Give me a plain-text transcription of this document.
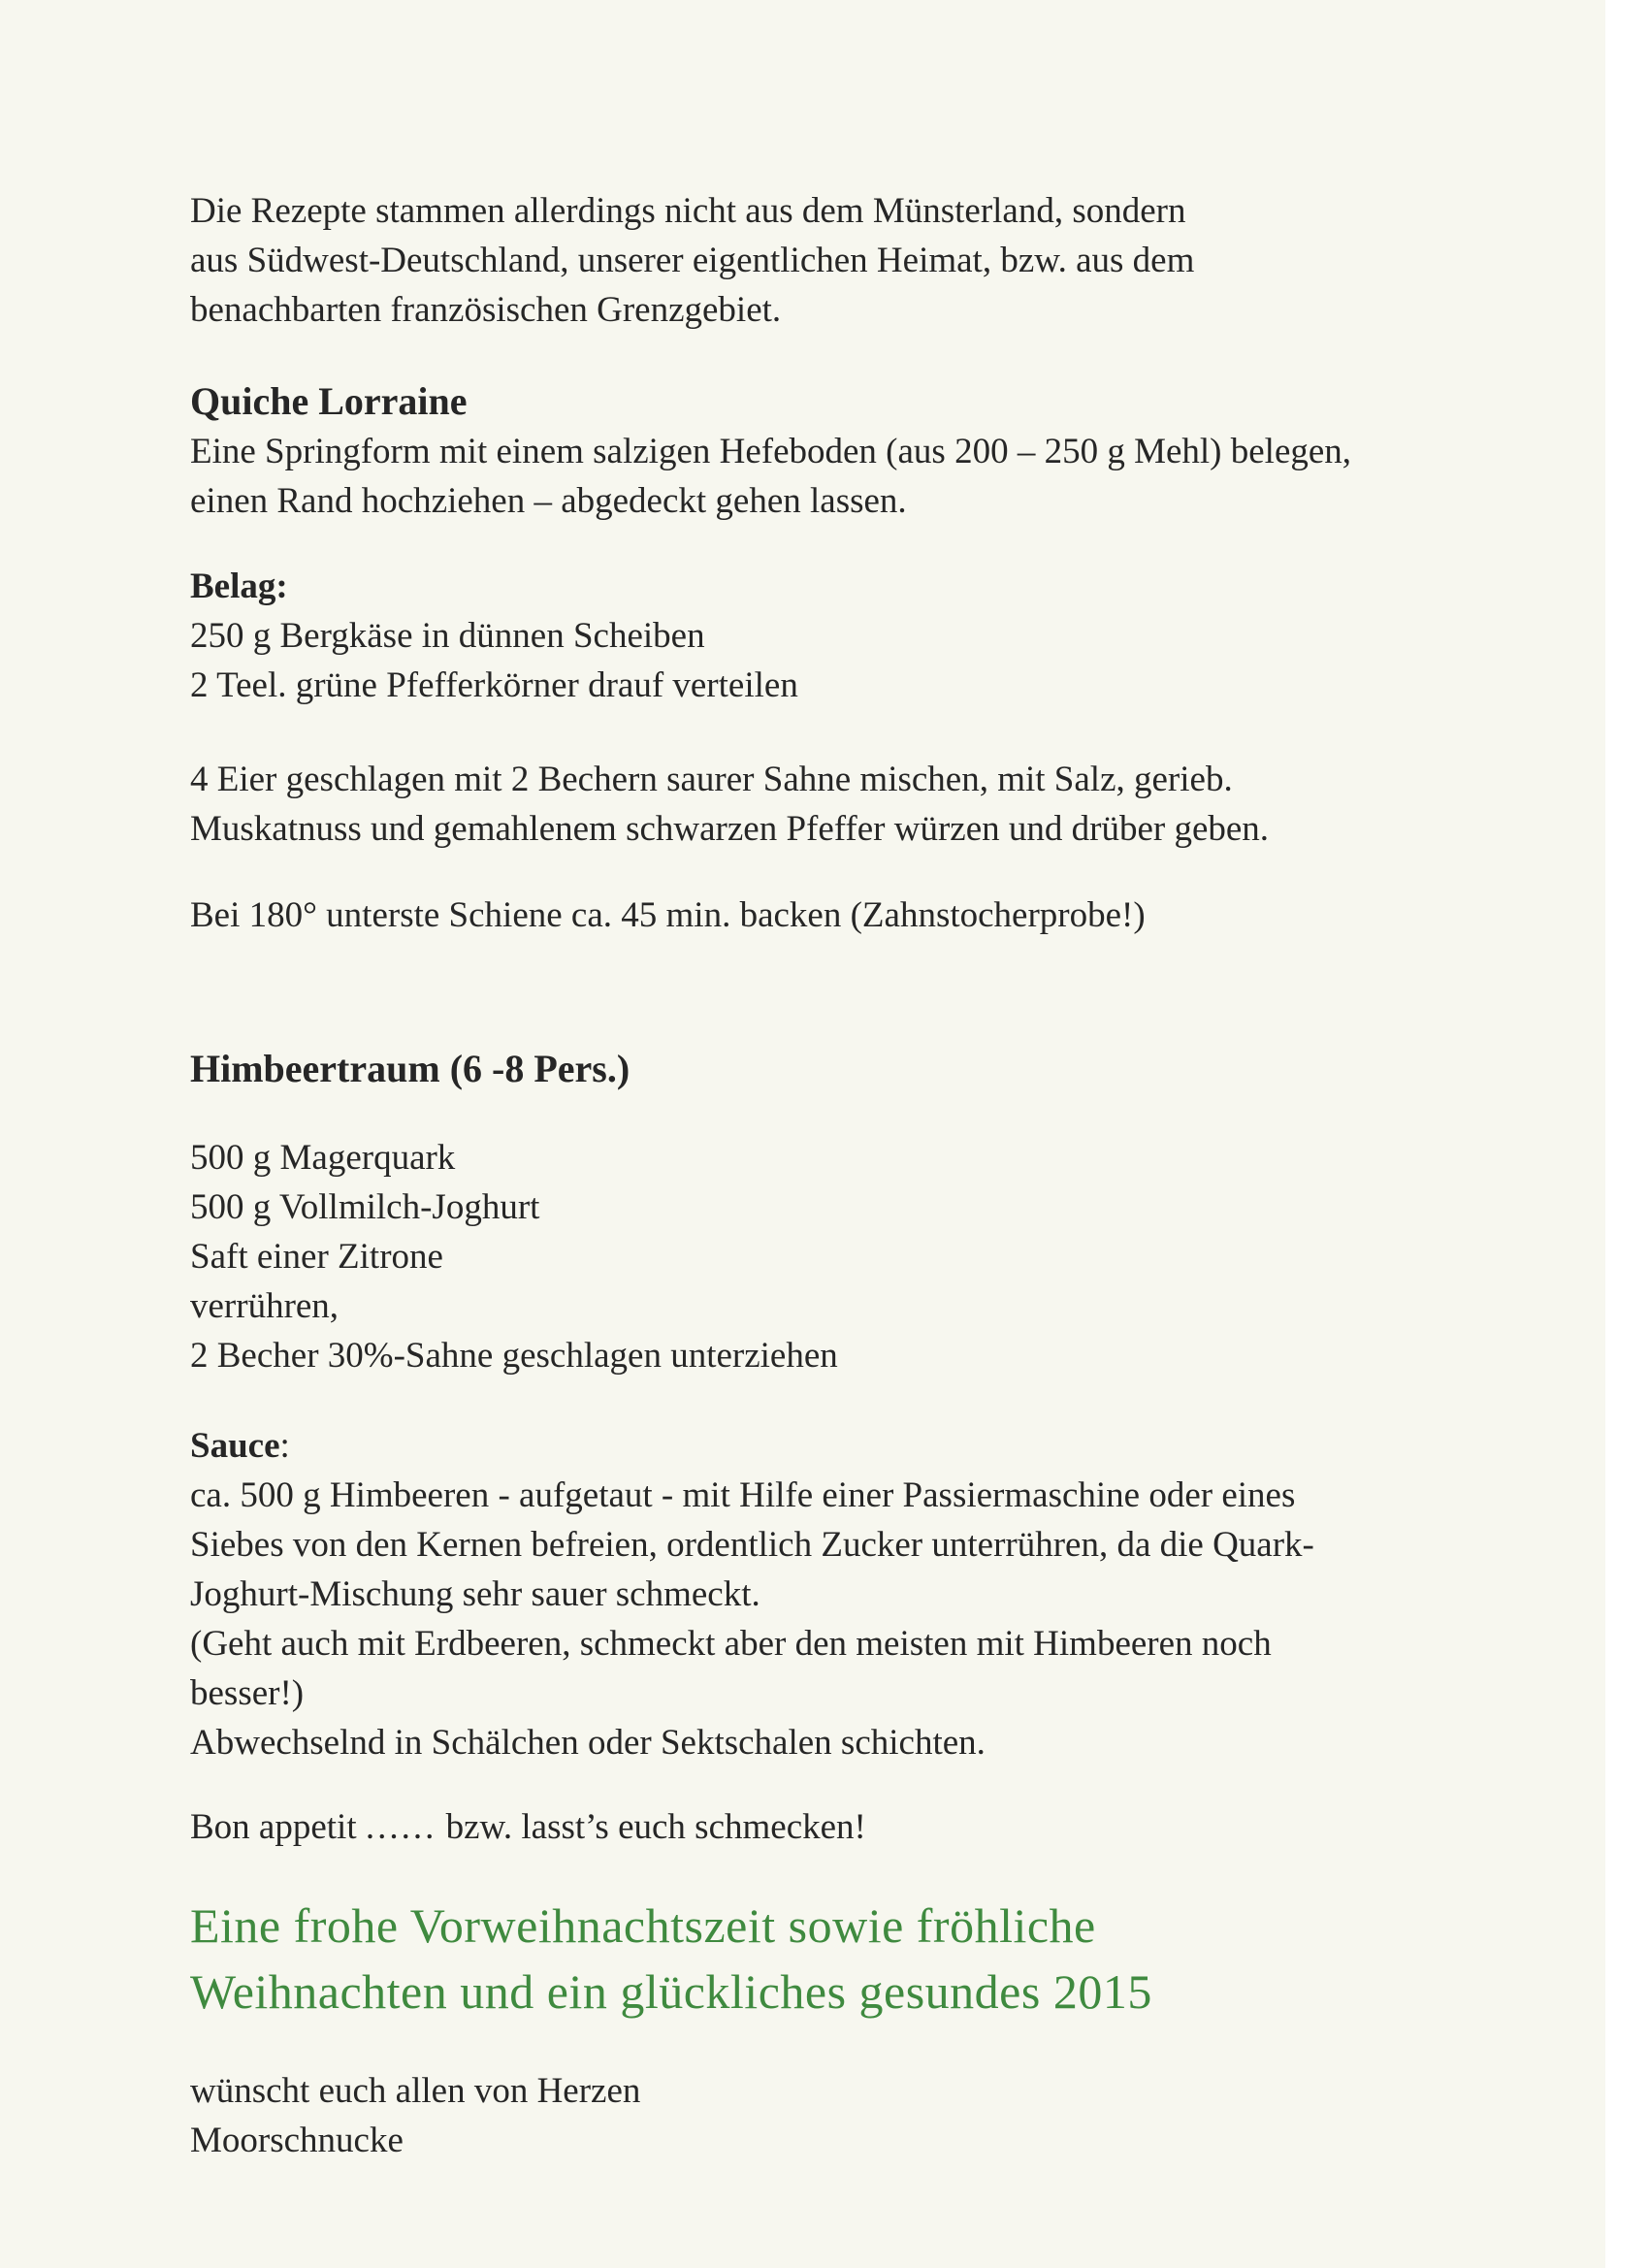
Die Rezepte stammen allerdings nicht aus dem Münsterland, sondern
aus Südwest-Deutschland, unserer eigentlichen Heimat, bzw. aus dem
benachbarten französischen Grenzgebiet.
Quiche Lorraine
Eine Springform mit einem salzigen Hefeboden (aus 200 – 250 g Mehl) belegen,
einen Rand hochziehen – abgedeckt gehen lassen.
Belag:
250 g Bergkäse in dünnen Scheiben
2 Teel. grüne Pfefferkörner drauf verteilen
4 Eier geschlagen mit 2 Bechern saurer Sahne mischen, mit Salz, gerieb.
Muskatnuss und gemahlenem schwarzen Pfeffer würzen und drüber geben.
Bei 180° unterste Schiene ca. 45 min. backen (Zahnstocherprobe!)
Himbeertraum (6 -8 Pers.)
500 g Magerquark
500 g Vollmilch-Joghurt
Saft einer Zitrone
verrühren,
2 Becher 30%-Sahne geschlagen unterziehen
Sauce:
ca. 500 g Himbeeren - aufgetaut - mit Hilfe einer Passiermaschine oder eines
Siebes von den Kernen befreien, ordentlich Zucker unterrühren, da die Quark-
Joghurt-Mischung sehr sauer schmeckt.
(Geht auch mit Erdbeeren, schmeckt aber den meisten mit Himbeeren noch
besser!)
Abwechselnd in Schälchen oder Sektschalen schichten.
Bon appetit ...... bzw. lasst’s euch schmecken!
Eine frohe Vorweihnachtszeit sowie fröhliche
Weihnachten und ein glückliches gesundes 2015
wünscht euch allen von Herzen
Moorschnucke
